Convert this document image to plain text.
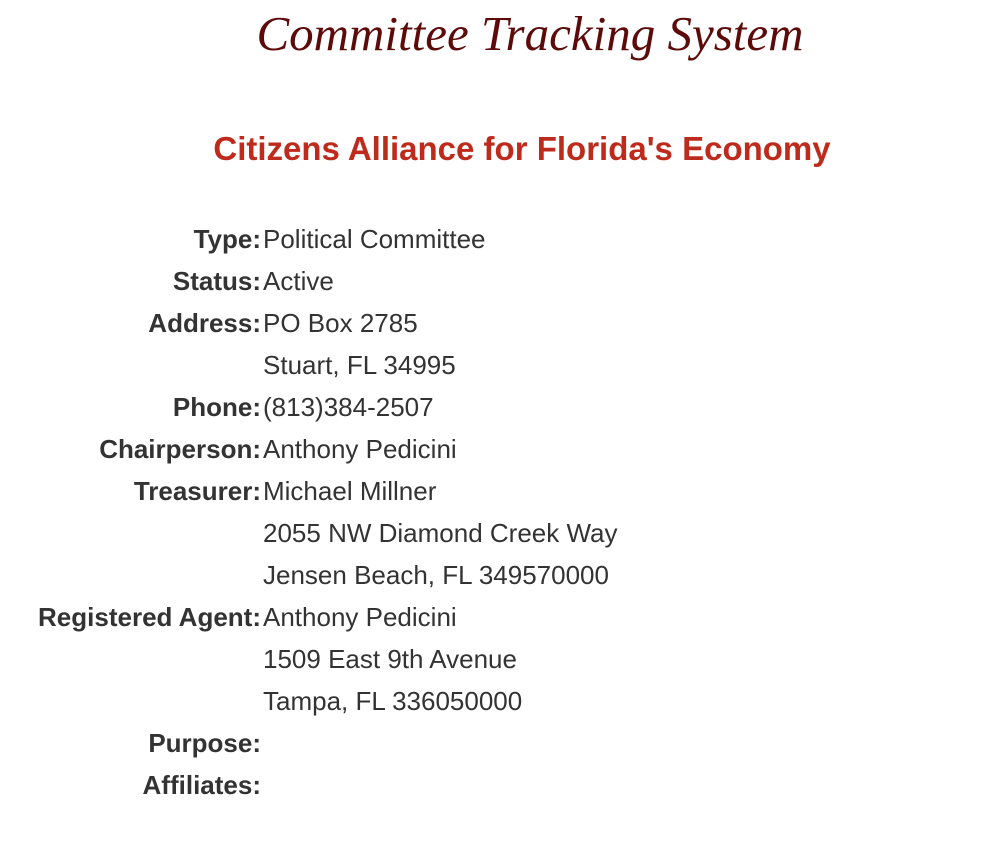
Committee Tracking System
Citizens Alliance for Florida's Economy
Type:	Political Committee
Status:	Active
Address:	PO Box 2785
Stuart, FL 34995

Phone:	(813)384-2507
Chairperson:	Anthony Pedicini
Treasurer:	Michael Millner
2055 NW Diamond Creek Way
Jensen Beach, FL 349570000

Registered Agent:	Anthony Pedicini
1509 East 9th Avenue
Tampa, FL 336050000

Purpose:	
Affiliates:	
